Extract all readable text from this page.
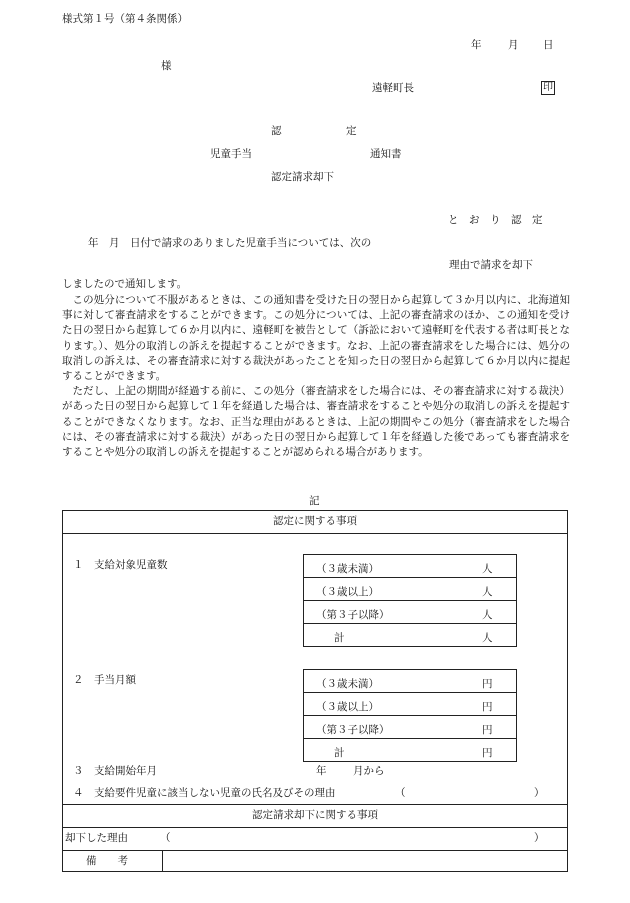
様式第１号（第４条関係）
年	月 日
様
遠軽町長	印
認	定
児童手当	通知書
認定請求却下
と　お　り　認　定
年　月　日付で請求のありました児童手当については、次の
理由で請求を却下
しましたので通知します。

この処分について不服があるときは、この通知書を受けた日の翌日から起算して３か月以内に、北海道知事に対して審査請求をすることができます。この処分については、上記の審査請求のほか、この通知を受けた日の翌日から起算して６か月以内に、遠軽町を被告として（訴訟において遠軽町を代表する者は町長となります。）、処分の取消しの訴えを提起することができます。なお、上記の審査請求をした場合には、処分の取消しの訴えは、その審査請求に対する裁決があったことを知った日の翌日から起算して６か月以内に提起することができます。

ただし、上記の期間が経過する前に、この処分（審査請求をした場合には、その審査請求に対する裁決）があった日の翌日から起算して１年を経過した場合は、審査請求をすることや処分の取消しの訴えを提起することができなくなります。なお、正当な理由があるときは、上記の期間やこの処分（審査請求をした場合には、その審査請求に対する裁決）があった日の翌日から起算して１年を経過した後であっても審査請求をすることや処分の取消しの訴えを提起することが認められる場合があります。

記
認定に関する事項
１ 支給対象児童数	（３歳未満）	人

（３歳以上）	人

（第３子以降）	人

計	人
２ 手当月額	（３歳未満）	円

（３歳以上）	円

（第３子以降）	円

計	円
３ 支給開始年月	年	月から
４ 支給要件児童に該当しない児童の氏名及びその理由	（	）
認定請求却下に関する事項
却下した理由	（	）
備　　考
